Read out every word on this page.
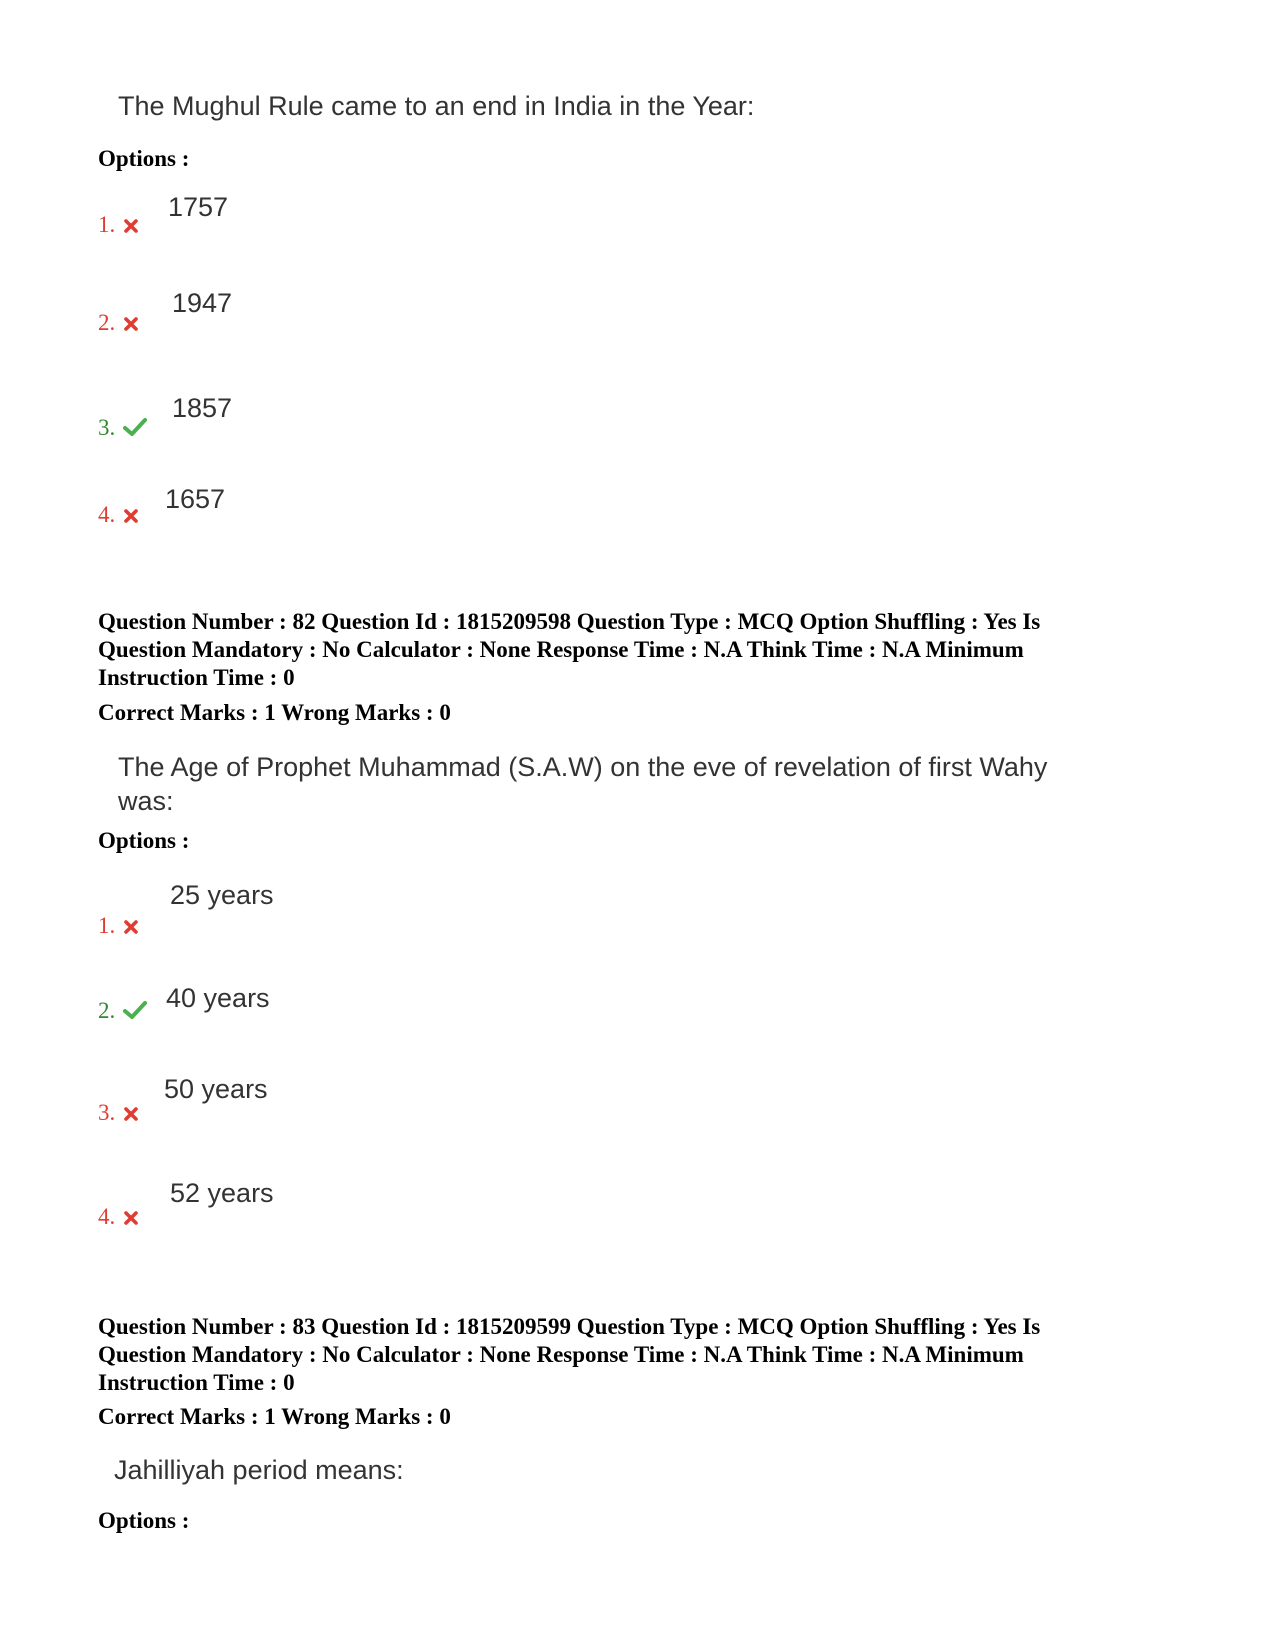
The Mughul Rule came to an end in India in the Year:
Options :
1757
1.
1947
2.
1857
3.
1657
4.
Question Number : 82 Question Id : 1815209598 Question Type : MCQ Option Shuffling : Yes Is
Question Mandatory : No Calculator : None Response Time : N.A Think Time : N.A Minimum
Instruction Time : 0
Correct Marks : 1 Wrong Marks : 0
The Age of Prophet Muhammad (S.A.W) on the eve of revelation of first Wahy
was:
Options :
25 years
1.
40 years
2.
50 years
3.
52 years
4.
Question Number : 83 Question Id : 1815209599 Question Type : MCQ Option Shuffling : Yes Is
Question Mandatory : No Calculator : None Response Time : N.A Think Time : N.A Minimum
Instruction Time : 0
Correct Marks : 1 Wrong Marks : 0
Jahilliyah period means:
Options :
